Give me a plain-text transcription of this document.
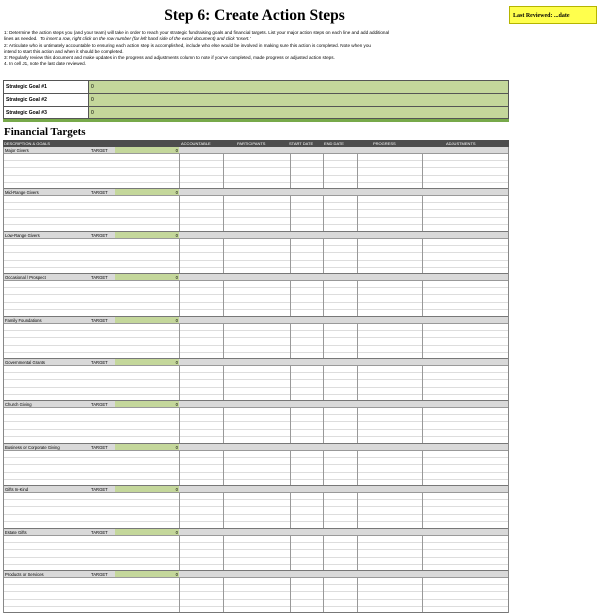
Step 6: Create Action Steps	Last Reviewed: ...date
1: Determine the action steps you (and your team) will take in order to reach your strategic fundraising goals and financial targets. List your major action steps on each line and add additional
lines as needed. To insert a row, right click on the row number (far left hand side of the excel document) and click 'Insert.'
2: Articulate who is untimately accountable to ensuring each action step is accomplished, include who else would be involved in making sure this action is completed. Note when you
intend to start this action and when it should be completed.
3: Regularly review this document and make updates in the progress and adjustments column to note if you've completed, made progress or adjusted action steps.
4. In cell J1, note the last date reviewed.
Strategic Goal #1	0
Strategic Goal #2	0
Strategic Goal #3	0
Financial Targets
DESCRIPTION & GOALS	ACCOUNTABLE	PARTICIPANTS	START DATE	END DATE	PROGRESS	ADJUSTMENTS
Major Givers	TARGET	0
Mid-Range Givers	TARGET	0
Low-Range Givers	TARGET	0
Occasional / Prospect	TARGET	0
Family Foundations	TARGET	0
Governmental Grants	TARGET	0
Church Giving	TARGET	0
Business or Corporate Giving	TARGET	0
Gifts In-Kind	TARGET	0
Estate Gifts	TARGET	0
Products or Services	TARGET	0
